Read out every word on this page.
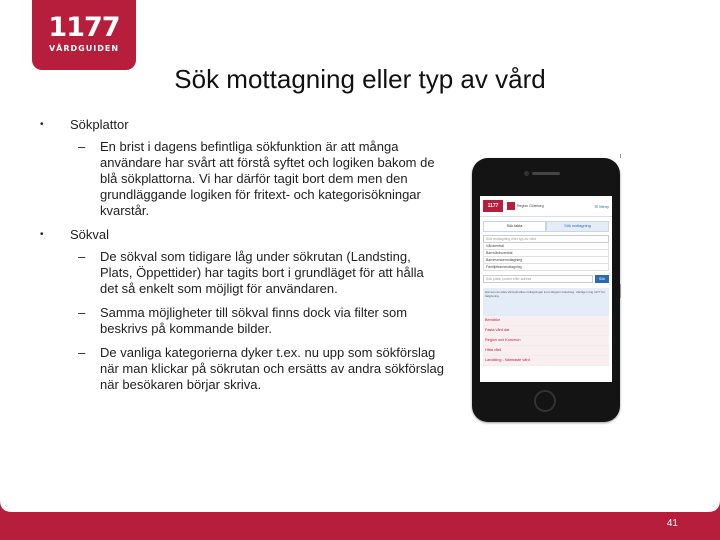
1177
VÅRDGUIDEN
Sök mottagning eller typ av vård
• Sökplattor
– En brist i dagens befintliga sökfunktion är att många användare har svårt att förstå syftet och logiken bakom de blå sökplattorna. Vi har därför tagit bort dem men den grundläggande logiken för fritext- och kategorisökningar kvarstår.
• Sökval
– De sökval som tidigare låg under sökrutan (Landsting, Plats, Öppettider) har tagits bort i grundläget för att hålla det så enkelt som möjligt för användaren.
– Samma möjligheter till sökval finns dock via filter som beskrivs på kommande bilder.
– De vanliga kategorierna dyker t.ex. nu upp som sökförslag när man klickar på sökrutan och ersätts av andra sökförslag när besökaren börjar skriva.
1177	Region Göteborg	☰ Meny
Sök fakta	Sök mottagning
Sök mottagning eller typ av vård
Vårdcentral
Barnvårdscentral
Barnmorskemottagning
Familjebarnmottagning
Sök plats, postnr eller adress	Sök
Här kan du söka vård på olika mottagningar inom Region Göteborg. Vänligen ring 1177 för rådgivning.
Bemärke
Fasta vård dat
Region och Kommun
Hitta vård
Landsting - Närmaste vård
41
